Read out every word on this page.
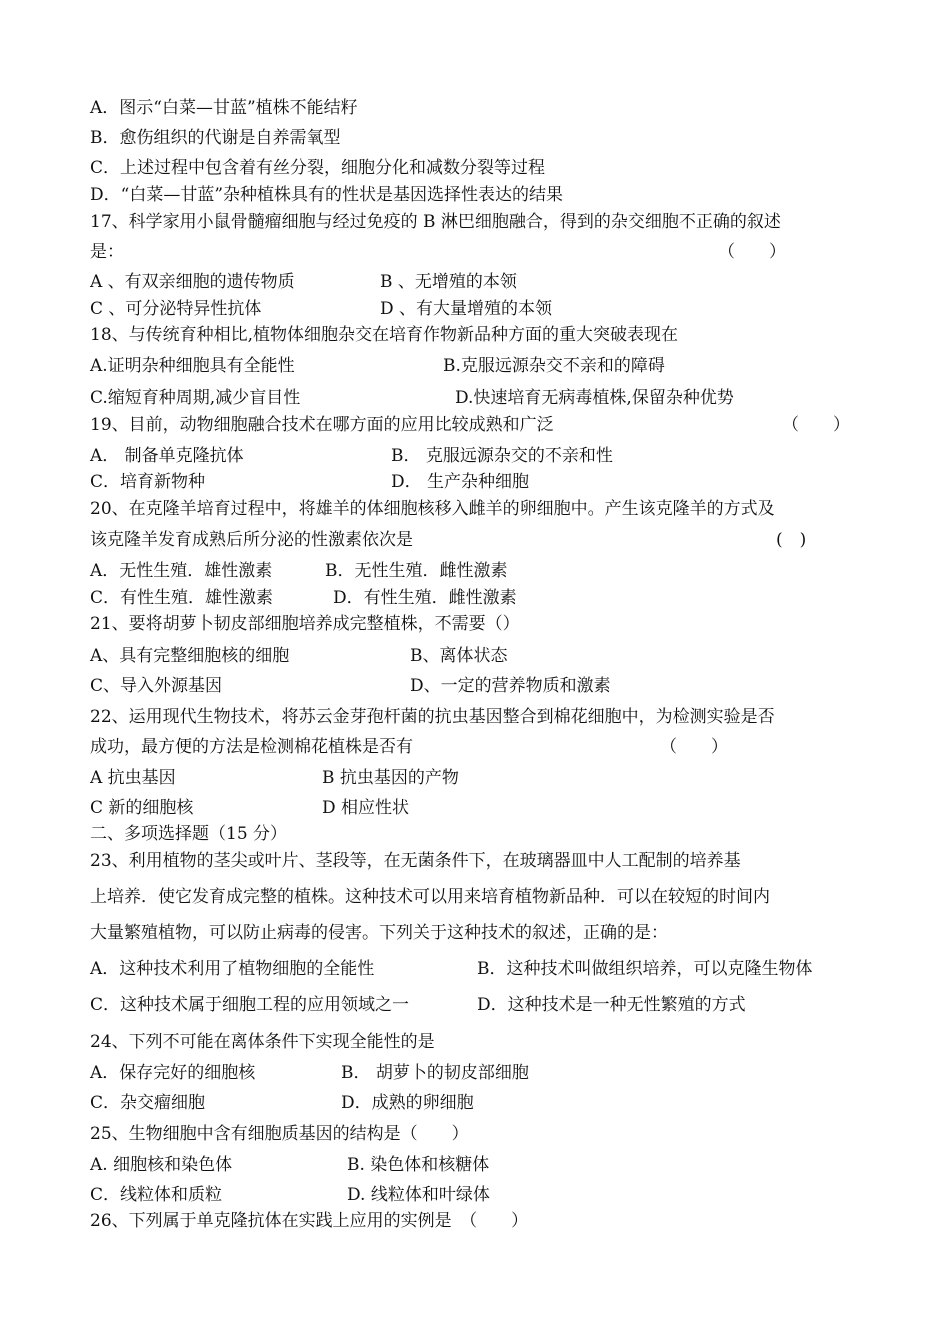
A．图示“白菜—甘蓝”植株不能结籽
B．愈伤组织的代谢是自养需氧型
C．上述过程中包含着有丝分裂，细胞分化和减数分裂等过程
D．“白菜—甘蓝”杂种植株具有的性状是基因选择性表达的结果
17、科学家用小鼠骨髓瘤细胞与经过免疫的 B 淋巴细胞融合，得到的杂交细胞不正确的叙述
是：	（　　）
A 、有双亲细胞的遗传物质	B 、无增殖的本领
C 、可分泌特异性抗体	D 、有大量增殖的本领
18、与传统育种相比,植物体细胞杂交在培育作物新品种方面的重大突破表现在
A.证明杂种细胞具有全能性	B.克服远源杂交不亲和的障碍
C.缩短育种周期,减少盲目性	D.快速培育无病毒植株,保留杂种优势
19、目前，动物细胞融合技术在哪方面的应用比较成熟和广泛	（　　）
A． 制备单克隆抗体	B． 克服远源杂交的不亲和性
C．培育新物种	D． 生产杂种细胞
20、在克隆羊培育过程中，将雄羊的体细胞核移入雌羊的卵细胞中。产生该克隆羊的方式及
该克隆羊发育成熟后所分泌的性激素依次是	(　)
A．无性生殖．雄性激素	B．无性生殖．雌性激素
C．有性生殖．雄性激素	D．有性生殖．雌性激素
21、要将胡萝卜韧皮部细胞培养成完整植株，不需要（）
A、具有完整细胞核的细胞	B、离体状态
C、导入外源基因	D、一定的营养物质和激素
22、运用现代生物技术，将苏云金芽孢杆菌的抗虫基因整合到棉花细胞中，为检测实验是否
成功，最方便的方法是检测棉花植株是否有	（　　）
A 抗虫基因	B 抗虫基因的产物
C 新的细胞核	D 相应性状
二、多项选择题（15 分）
23、利用植物的茎尖或叶片、茎段等，在无菌条件下，在玻璃器皿中人工配制的培养基
上培养．使它发育成完整的植株。这种技术可以用来培育植物新品种．可以在较短的时间内
大量繁殖植物，可以防止病毒的侵害。下列关于这种技术的叙述，正确的是：
A．这种技术利用了植物细胞的全能性	B．这种技术叫做组织培养，可以克隆生物体
C．这种技术属于细胞工程的应用领域之一	D．这种技术是一种无性繁殖的方式
24、下列不可能在离体条件下实现全能性的是
A．保存完好的细胞核	B． 胡萝卜的韧皮部细胞
C．杂交瘤细胞	D．成熟的卵细胞
25、生物细胞中含有细胞质基因的结构是（　　）
A. 细胞核和染色体	B. 染色体和核糖体
C．线粒体和质粒	D. 线粒体和叶绿体
26、下列属于单克隆抗体在实践上应用的实例是　（　　）
